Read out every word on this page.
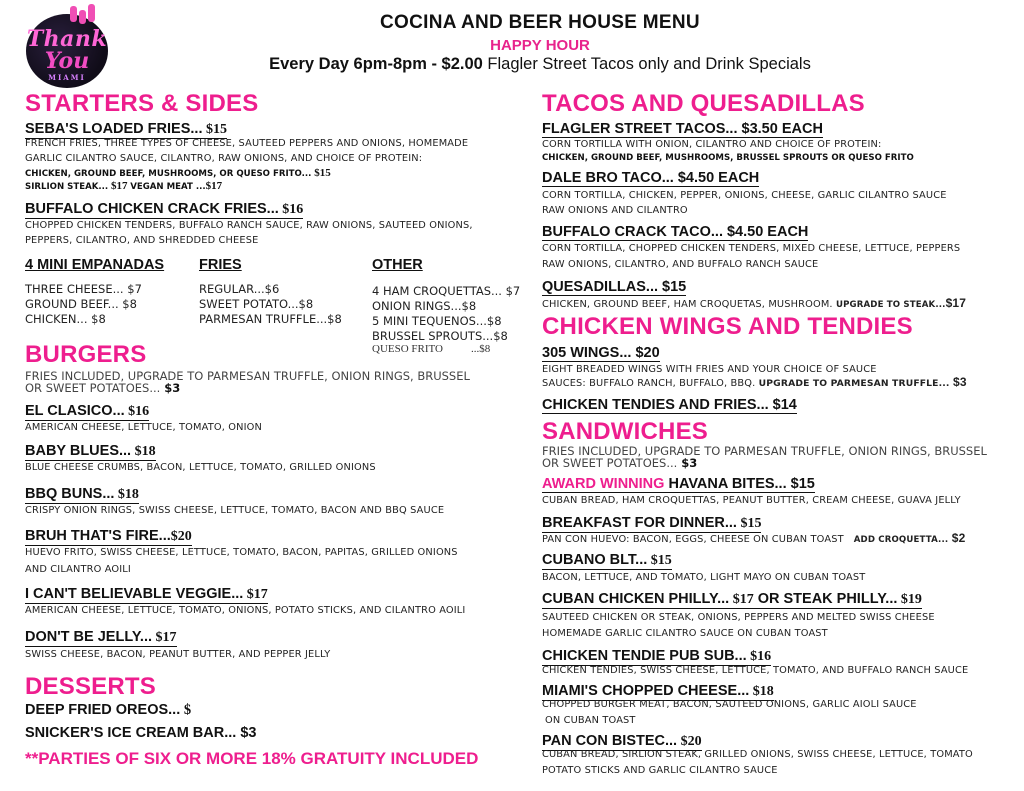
Thank
You
MIAMI
COCINA AND BEER HOUSE MENU
HAPPY HOUR
Every Day 6pm-8pm - $2.00 Flagler Street Tacos only and Drink Specials
STARTERS & SIDES
SEBA'S LOADED FRIES... $15
FRENCH FRIES, THREE TYPES OF CHEESE, SAUTEED PEPPERS AND ONIONS, HOMEMADE
GARLIC CILANTRO SAUCE, CILANTRO, RAW ONIONS, AND CHOICE OF PROTEIN:
CHICKEN, GROUND BEEF, MUSHROOMS, OR QUESO FRITO... $15
SIRLION STEAK... $17 VEGAN MEAT ...$17
BUFFALO CHICKEN CRACK FRIES... $16
CHOPPED CHICKEN TENDERS, BUFFALO RANCH SAUCE, RAW ONIONS, SAUTEED ONIONS,
PEPPERS, CILANTRO, AND SHREDDED CHEESE
4 MINI EMPANADAS
THREE CHEESE... $7
GROUND BEEF... $8
CHICKEN... $8
FRIES
REGULAR...$6
SWEET POTATO...$8
PARMESAN TRUFFLE...$8
OTHER
4 HAM CROQUETTAS... $7
ONION RINGS...$8
5 MINI TEQUENOS...$8
BRUSSEL SPROUTS...$8
QUESO FRITO	...$8
BURGERS
FRIES INCLUDED, UPGRADE TO PARMESAN TRUFFLE, ONION RINGS, BRUSSEL
OR SWEET POTATOES... $3
EL CLASICO... $16
AMERICAN CHEESE, LETTUCE, TOMATO, ONION
BABY BLUES... $18
BLUE CHEESE CRUMBS, BACON, LETTUCE, TOMATO, GRILLED ONIONS
BBQ BUNS... $18
CRISPY ONION RINGS, SWISS CHEESE, LETTUCE, TOMATO, BACON AND BBQ SAUCE
BRUH THAT'S FIRE...$20
HUEVO FRITO, SWISS CHEESE, LETTUCE, TOMATO, BACON, PAPITAS, GRILLED ONIONS
AND CILANTRO AOILI
I CAN'T BELIEVABLE VEGGIE... $17
AMERICAN CHEESE, LETTUCE, TOMATO, ONIONS, POTATO STICKS, AND CILANTRO AOILI
DON'T BE JELLY... $17
SWISS CHEESE, BACON, PEANUT BUTTER, AND PEPPER JELLY
DESSERTS
DEEP FRIED OREOS... $
SNICKER'S ICE CREAM BAR... $3
**PARTIES OF SIX OR MORE 18% GRATUITY INCLUDED
TACOS AND QUESADILLAS
FLAGLER STREET TACOS... $3.50 EACH
CORN TORTILLA WITH ONION, CILANTRO AND CHOICE OF PROTEIN:
CHICKEN, GROUND BEEF, MUSHROOMS, BRUSSEL SPROUTS OR QUESO FRITO
DALE BRO TACO... $4.50 EACH
CORN TORTILLA, CHICKEN, PEPPER, ONIONS, CHEESE, GARLIC CILANTRO SAUCE
RAW ONIONS AND CILANTRO
BUFFALO CRACK TACO... $4.50 EACH
CORN TORTILLA, CHOPPED CHICKEN TENDERS, MIXED CHEESE, LETTUCE, PEPPERS
RAW ONIONS, CILANTRO, AND BUFFALO RANCH SAUCE
QUESADILLAS... $15
CHICKEN, GROUND BEEF, HAM CROQUETAS, MUSHROOM. UPGRADE TO STEAK...$17
CHICKEN WINGS AND TENDIES
305 WINGS... $20
EIGHT BREADED WINGS WITH FRIES AND YOUR CHOICE OF SAUCE
SAUCES: BUFFALO RANCH, BUFFALO, BBQ. UPGRADE TO PARMESAN TRUFFLE... $3
CHICKEN TENDIES AND FRIES... $14
SANDWICHES
FRIES INCLUDED, UPGRADE TO PARMESAN TRUFFLE, ONION RINGS, BRUSSEL
OR SWEET POTATOES... $3
AWARD WINNING HAVANA BITES... $15
CUBAN BREAD, HAM CROQUETTAS, PEANUT BUTTER, CREAM CHEESE, GUAVA JELLY
BREAKFAST FOR DINNER... $15
PAN CON HUEVO: BACON, EGGS, CHEESE ON CUBAN TOAST ADD CROQUETTA... $2
CUBANO BLT... $15
BACON, LETTUCE, AND TOMATO, LIGHT MAYO ON CUBAN TOAST
CUBAN CHICKEN PHILLY... $17 OR STEAK PHILLY... $19
SAUTEED CHICKEN OR STEAK, ONIONS, PEPPERS AND MELTED SWISS CHEESE
HOMEMADE GARLIC CILANTRO SAUCE ON CUBAN TOAST
CHICKEN TENDIE PUB SUB... $16
CHICKEN TENDIES, SWISS CHEESE, LETTUCE, TOMATO, AND BUFFALO RANCH SAUCE
MIAMI'S CHOPPED CHEESE... $18
CHOPPED BURGER MEAT, BACON, SAUTEED ONIONS, GARLIC AIOLI SAUCE
ON CUBAN TOAST
PAN CON BISTEC... $20
CUBAN BREAD, SIRLION STEAK, GRILLED ONIONS, SWISS CHEESE, LETTUCE, TOMATO
POTATO STICKS AND GARLIC CILANTRO SAUCE
